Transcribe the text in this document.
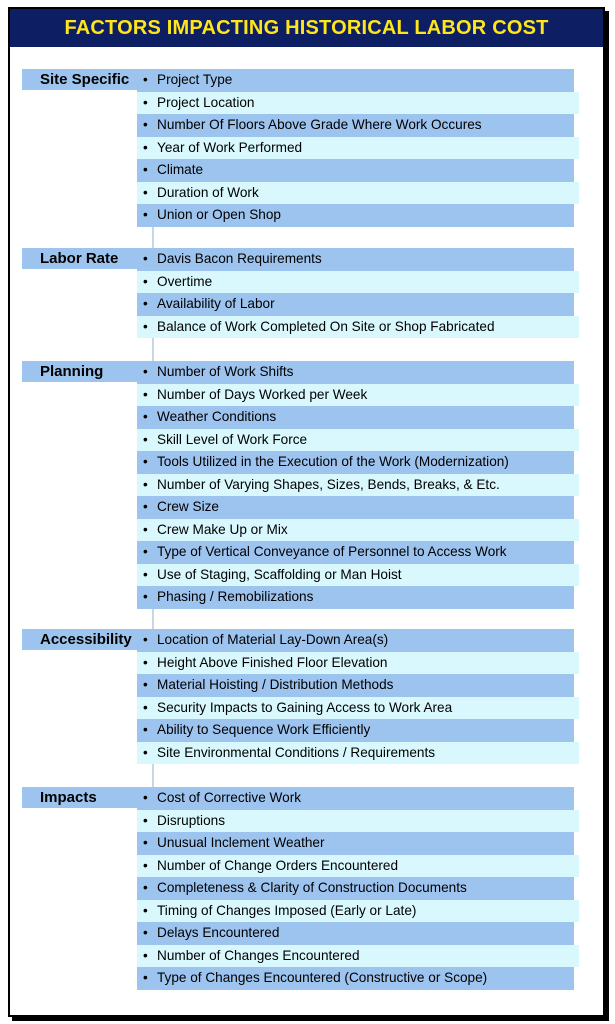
FACTORS IMPACTING HISTORICAL LABOR COST
Site Specific	• Project Type
• Project Location
• Number Of Floors Above Grade Where Work Occures
• Year of Work Performed
• Climate
• Duration of Work
• Union or Open Shop
Labor Rate	• Davis Bacon Requirements
• Overtime
• Availability of Labor
• Balance of Work Completed On Site or Shop Fabricated
Planning	• Number of Work Shifts
• Number of Days Worked per Week
• Weather Conditions
• Skill Level of Work Force
• Tools Utilized in the Execution of the Work (Modernization)
• Number of Varying Shapes, Sizes, Bends, Breaks, & Etc.
• Crew Size
• Crew Make Up or Mix
• Type of Vertical Conveyance of Personnel to Access Work
• Use of Staging, Scaffolding or Man Hoist
• Phasing / Remobilizations
Accessibility	• Location of Material Lay-Down Area(s)
• Height Above Finished Floor Elevation
• Material Hoisting / Distribution Methods
• Security Impacts to Gaining Access to Work Area
• Ability to Sequence Work Efficiently
• Site Environmental Conditions / Requirements
Impacts	• Cost of Corrective Work
• Disruptions
• Unusual Inclement Weather
• Number of Change Orders Encountered
• Completeness & Clarity of Construction Documents
• Timing of Changes Imposed (Early or Late)
• Delays Encountered
• Number of Changes Encountered
• Type of Changes Encountered (Constructive or Scope)
